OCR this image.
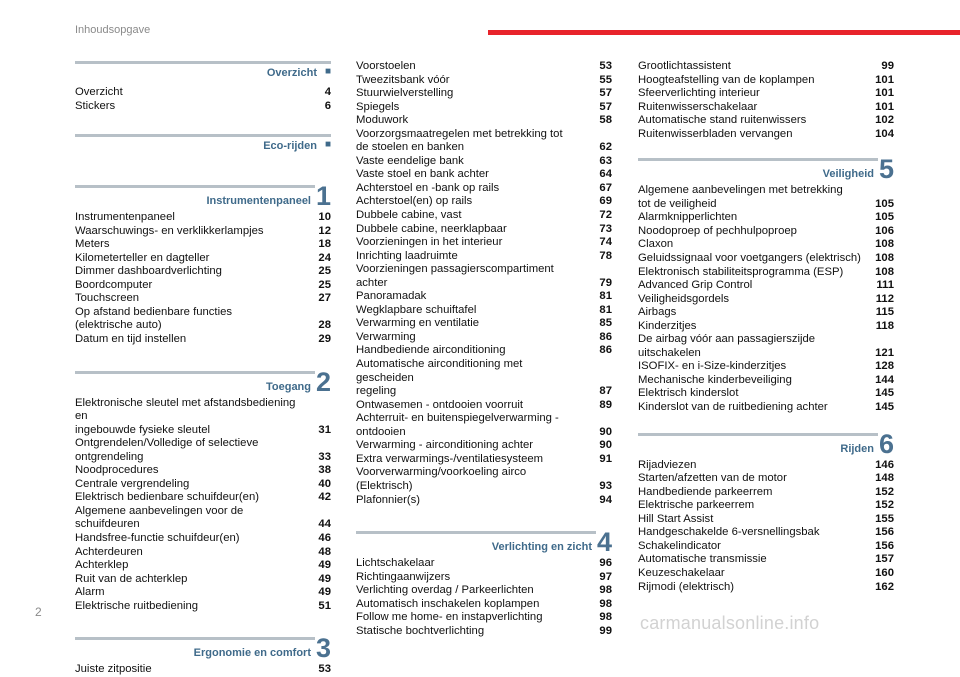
Inhoudsopgave
Overzicht ■
Overzicht	4
Stickers	6
Eco-rijden ■
Instrumentenpaneel 1
Instrumentenpaneel	10
Waarschuwings- en verklikkerlampjes	12
Meters	18
Kilometerteller en dagteller	24
Dimmer dashboardverlichting	25
Boordcomputer	25
Touchscreen	27
Op afstand bedienbare functies
(elektrische auto)	28
Datum en tijd instellen	29
Toegang 2
Elektronische sleutel met afstandsbediening en
ingebouwde fysieke sleutel	31
Ontgrendelen/Volledige of selectieve
ontgrendeling	33
Noodprocedures	38
Centrale vergrendeling	40
Elektrisch bedienbare schuifdeur(en)	42
Algemene aanbevelingen voor de schuifdeuren	44
Handsfree-functie schuifdeur(en)	46
Achterdeuren	48
Achterklep	49
Ruit van de achterklep	49
Alarm	49
Elektrische ruitbediening	51
Ergonomie en comfort 3
Juiste zitpositie	53
Voorstoelen	53
Tweezitsbank vóór	55
Stuurwielverstelling	57
Spiegels	57
Moduwork	58
Voorzorgsmaatregelen met betrekking tot
de stoelen en banken	62
Vaste eendelige bank	63
Vaste stoel en bank achter	64
Achterstoel en -bank op rails	67
Achterstoel(en) op rails	69
Dubbele cabine, vast	72
Dubbele cabine, neerklapbaar	73
Voorzieningen in het interieur	74
Inrichting laadruimte	78
Voorzieningen passagierscompartiment achter	79
Panoramadak	81
Wegklapbare schuiftafel	81
Verwarming en ventilatie	85
Verwarming	86
Handbediende airconditioning	86
Automatische airconditioning met gescheiden
regeling	87
Ontwasemen - ontdooien voorruit	89
Achterruit- en buitenspiegelverwarming -
ontdooien	90
Verwarming - airconditioning achter	90
Extra verwarmings-/ventilatiesysteem	91
Voorverwarming/voorkoeling airco (Elektrisch)	93
Plafonnier(s)	94
Verlichting en zicht 4
Lichtschakelaar	96
Richtingaanwijzers	97
Verlichting overdag / Parkeerlichten	98
Automatisch inschakelen koplampen	98
Follow me home- en instapverlichting	98
Statische bochtverlichting	99
Grootlichtassistent	99
Hoogteafstelling van de koplampen	101
Sfeerverlichting interieur	101
Ruitenwisserschakelaar	101
Automatische stand ruitenwissers	102
Ruitenwisserbladen vervangen	104
Veiligheid 5
Algemene aanbevelingen met betrekking
tot de veiligheid	105
Alarmknipperlichten	105
Noodoproep of pechhulpoproep	106
Claxon	108
Geluidssignaal voor voetgangers (elektrisch)	108
Elektronisch stabiliteitsprogramma (ESP)	108
Advanced Grip Control	111
Veiligheidsgordels	112
Airbags	115
Kinderzitjes	118
De airbag vóór aan passagierszijde
uitschakelen	121
ISOFIX- en i-Size-kinderzitjes	128
Mechanische kinderbeveiliging	144
Elektrisch kinderslot	145
Kinderslot van de ruitbediening achter	145
Rijden 6
Rijadviezen	146
Starten/afzetten van de motor	148
Handbediende parkeerrem	152
Elektrische parkeerrem	152
Hill Start Assist	155
Handgeschakelde 6-versnellingsbak	156
Schakelindicator	156
Automatische transmissie	157
Keuzeschakelaar	160
Rijmodi (elektrisch)	162
2
carmanualsonline.info
